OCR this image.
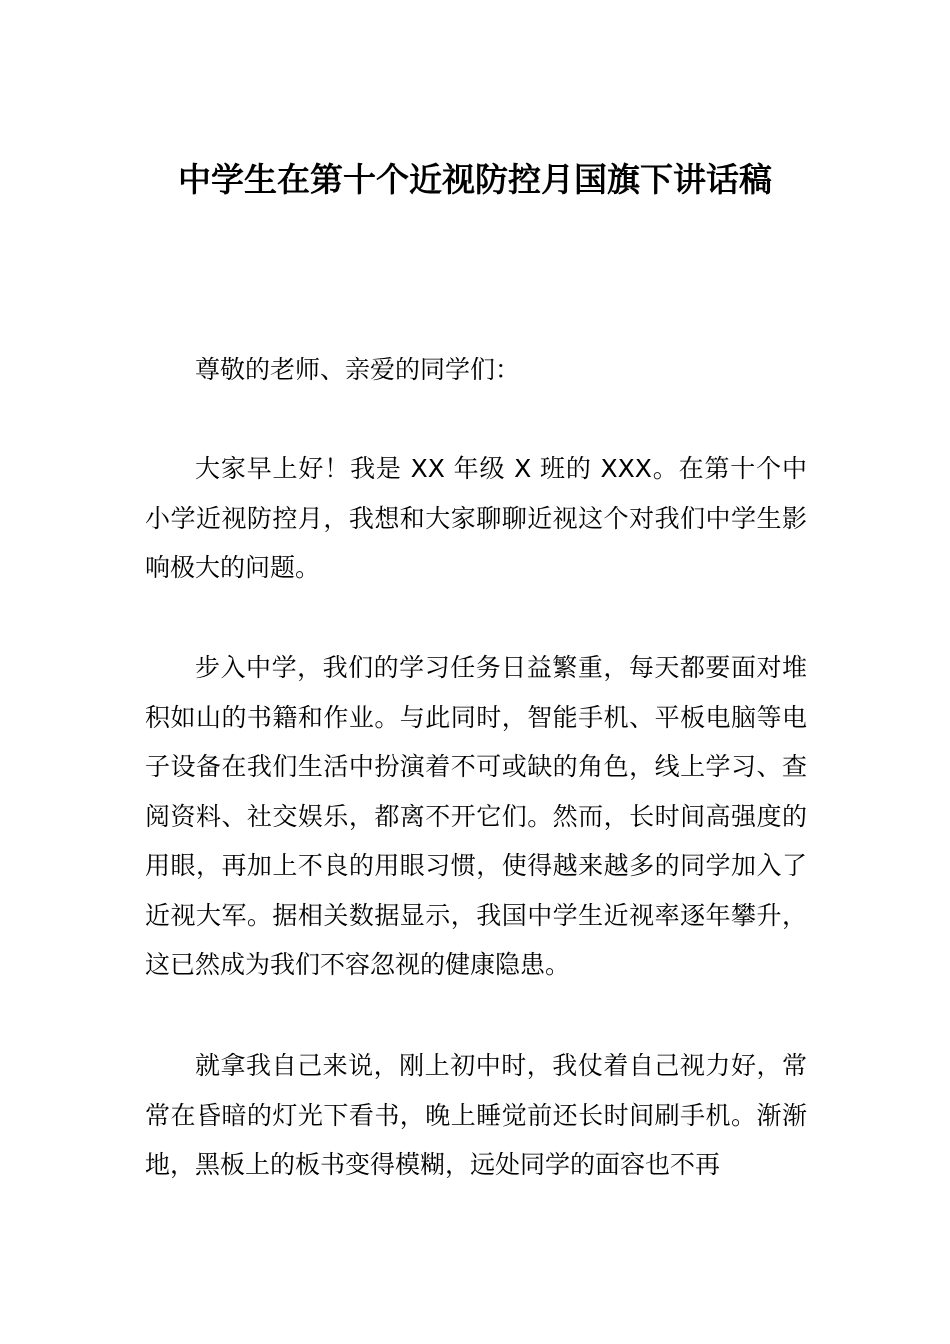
中学生在第十个近视防控月国旗下讲话稿

尊敬的老师、亲爱的同学们：

大家早上好！我是 XX 年级 X 班的 XXX。在第十个中小学近视防控月，我想和大家聊聊近视这个对我们中学生影响极大的问题。

步入中学，我们的学习任务日益繁重，每天都要面对堆积如山的书籍和作业。与此同时，智能手机、平板电脑等电子设备在我们生活中扮演着不可或缺的角色，线上学习、查阅资料、社交娱乐，都离不开它们。然而，长时间高强度的用眼，再加上不良的用眼习惯，使得越来越多的同学加入了近视大军。据相关数据显示，我国中学生近视率逐年攀升，这已然成为我们不容忽视的健康隐患。

就拿我自己来说，刚上初中时，我仗着自己视力好，常常在昏暗的灯光下看书，晚上睡觉前还长时间刷手机。渐渐地，黑板上的板书变得模糊，远处同学的面容也不再
